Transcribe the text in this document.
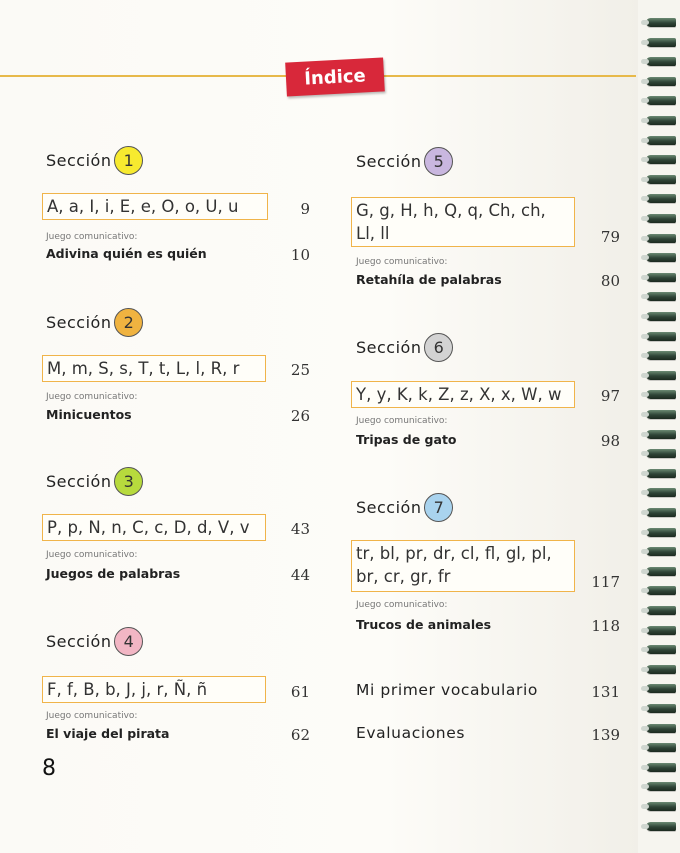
Índice
Sección 1
A, a, I, i, E, e, O, o, U, u	9
Juego comunicativo:
Adivina quién es quién	10
Sección 2
M, m, S, s, T, t, L, l, R, r	25
Juego comunicativo:
Minicuentos	26
Sección 3
P, p, N, n, C, c, D, d, V, v	43
Juego comunicativo:
Juegos de palabras	44
Sección 4
F, f, B, b, J, j, r, Ñ, ñ	61
Juego comunicativo:
El viaje del pirata	62
Sección 5
G, g, H, h, Q, q, Ch, ch,
Ll, ll	79
Juego comunicativo:
Retahíla de palabras	80
Sección 6
Y, y, K, k, Z, z, X, x, W, w	97
Juego comunicativo:
Tripas de gato	98
Sección 7
tr, bl, pr, dr, cl, fl, gl, pl,
br, cr, gr, fr	117
Juego comunicativo:
Trucos de animales	118
Mi primer vocabulario	131
Evaluaciones	139
8
